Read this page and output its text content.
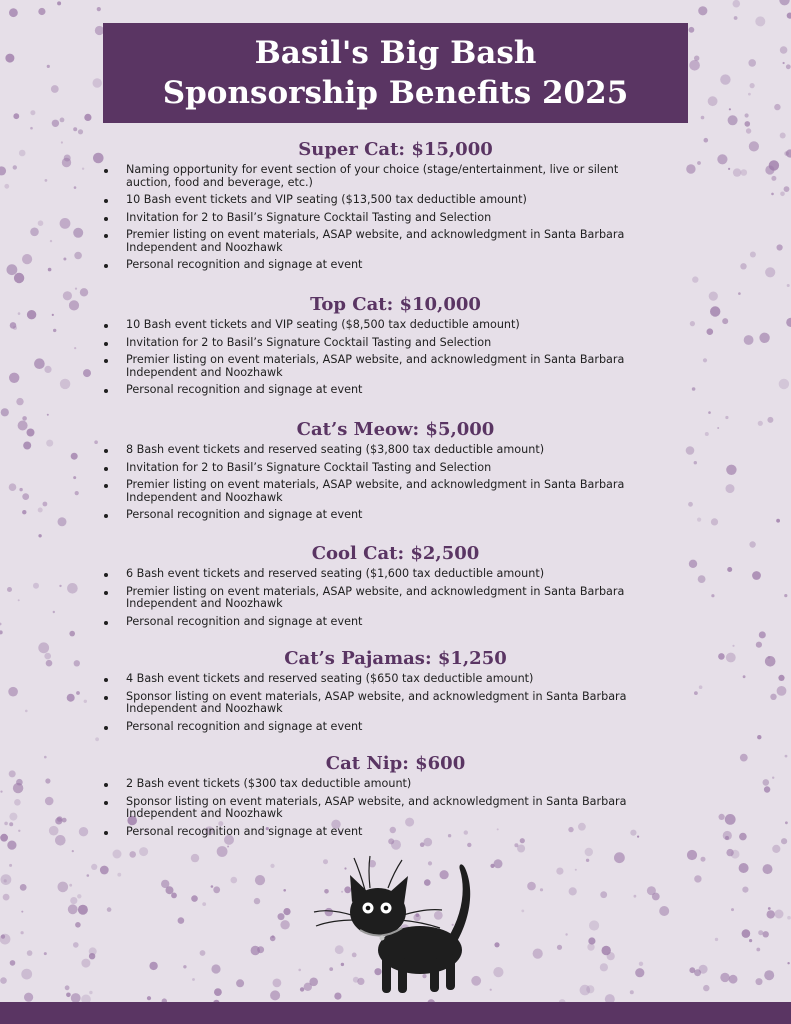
Basil's Big Bash
Sponsorship Benefits 2025
Super Cat: $15,000
Naming opportunity for event section of your choice (stage/entertainment, live or silent auction, food and beverage, etc.)
10 Bash event tickets and VIP seating ($13,500 tax deductible amount)
Invitation for 2 to Basil’s Signature Cocktail Tasting and Selection
Premier listing on event materials, ASAP website, and acknowledgment in Santa Barbara Independent and Noozhawk
Personal recognition and signage at event
Top Cat: $10,000
10 Bash event tickets and VIP seating ($8,500 tax deductible amount)
Invitation for 2 to Basil’s Signature Cocktail Tasting and Selection
Premier listing on event materials, ASAP website, and acknowledgment in Santa Barbara Independent and Noozhawk
Personal recognition and signage at event
Cat’s Meow: $5,000
8 Bash event tickets and reserved seating ($3,800 tax deductible amount)
Invitation for 2 to Basil’s Signature Cocktail Tasting and Selection
Premier listing on event materials, ASAP website, and acknowledgment in Santa Barbara Independent and Noozhawk
Personal recognition and signage at event
Cool Cat: $2,500
6 Bash event tickets and reserved seating ($1,600 tax deductible amount)
Premier listing on event materials, ASAP website, and acknowledgment in Santa Barbara Independent and Noozhawk
Personal recognition and signage at event
Cat’s Pajamas: $1,250
4 Bash event tickets and reserved seating ($650 tax deductible amount)
Sponsor listing on event materials, ASAP website, and acknowledgment in Santa Barbara Independent and Noozhawk
Personal recognition and signage at event
Cat Nip: $600
2 Bash event tickets ($300 tax deductible amount)
Sponsor listing on event materials, ASAP website, and acknowledgment in Santa Barbara Independent and Noozhawk
Personal recognition and signage at event
